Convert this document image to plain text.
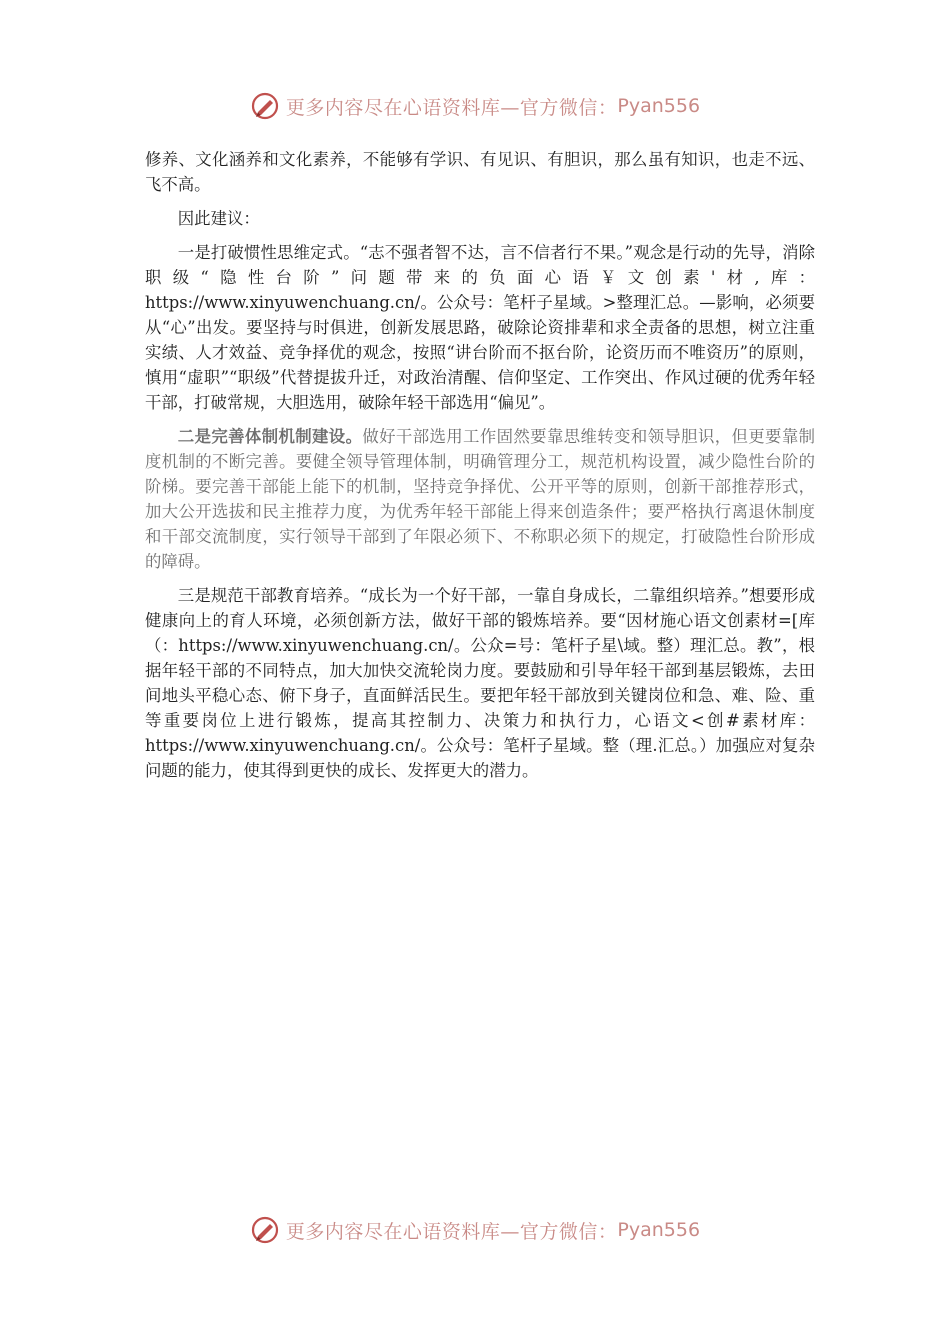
更多内容尽在心语资料库—官方微信： Pyan556

修养、文化涵养和文化素养，不能够有学识、有见识、有胆识，那么虽有知识，也走不远、飞不高。

因此建议：

一是打破惯性思维定式。“志不强者智不达，言不信者行不果。”观念是行动的先导，消除职级“隐性台阶”问题带来的负面心语￥文创素'材,库：https://www.xinyuwenchuang.cn/。公众号：笔杆子星域。>整理汇总。—影响，必须要从“心”出发。要坚持与时俱进，创新发展思路，破除论资排辈和求全责备的思想，树立注重实绩、人才效益、竞争择优的观念，按照“讲台阶而不抠台阶，论资历而不唯资历”的原则，慎用“虚职”“职级”代替提拔升迁，对政治清醒、信仰坚定、工作突出、作风过硬的优秀年轻干部，打破常规，大胆选用，破除年轻干部选用“偏见”。

二是完善体制机制建设。做好干部选用工作固然要靠思维转变和领导胆识，但更要靠制度机制的不断完善。要健全领导管理体制，明确管理分工，规范机构设置，减少隐性台阶的阶梯。要完善干部能上能下的机制，坚持竞争择优、公开平等的原则，创新干部推荐形式，加大公开选拔和民主推荐力度，为优秀年轻干部能上得来创造条件；要严格执行离退休制度和干部交流制度，实行领导干部到了年限必须下、不称职必须下的规定，打破隐性台阶形成的障碍。

三是规范干部教育培养。“成长为一个好干部，一靠自身成长，二靠组织培养。”想要形成健康向上的育人环境，必须创新方法，做好干部的锻炼培养。要“因材施心语文创素材=[库（：https://www.xinyuwenchuang.cn/。公众=号：笔杆子星\域。整）理汇总。教”，根据年轻干部的不同特点，加大加快交流轮岗力度。要鼓励和引导年轻干部到基层锻炼，去田间地头平稳心态、俯下身子，直面鲜活民生。要把年轻干部放到关键岗位和急、难、险、重等重要岗位上进行锻炼，提高其控制力、决策力和执行力，心语文<创#素材库：https://www.xinyuwenchuang.cn/。公众号：笔杆子星域。整（理.汇总。）加强应对复杂问题的能力，使其得到更快的成长、发挥更大的潜力。

更多内容尽在心语资料库—官方微信： Pyan556
